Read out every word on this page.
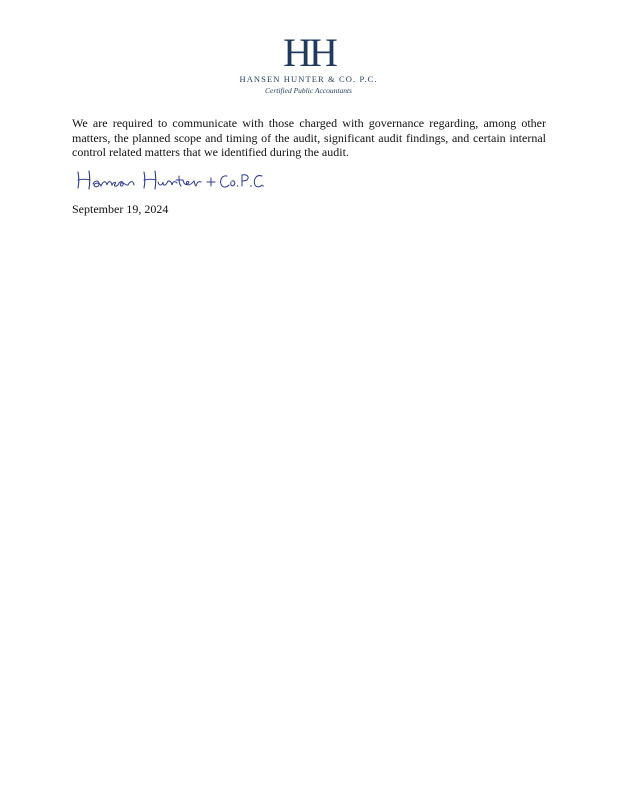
HH
HANSEN HUNTER & CO. P.C.
Certified Public Accountants

We are required to communicate with those charged with governance regarding, among other matters, the planned scope and timing of the audit, significant audit findings, and certain internal control related matters that we identified during the audit.

September 19, 2024
